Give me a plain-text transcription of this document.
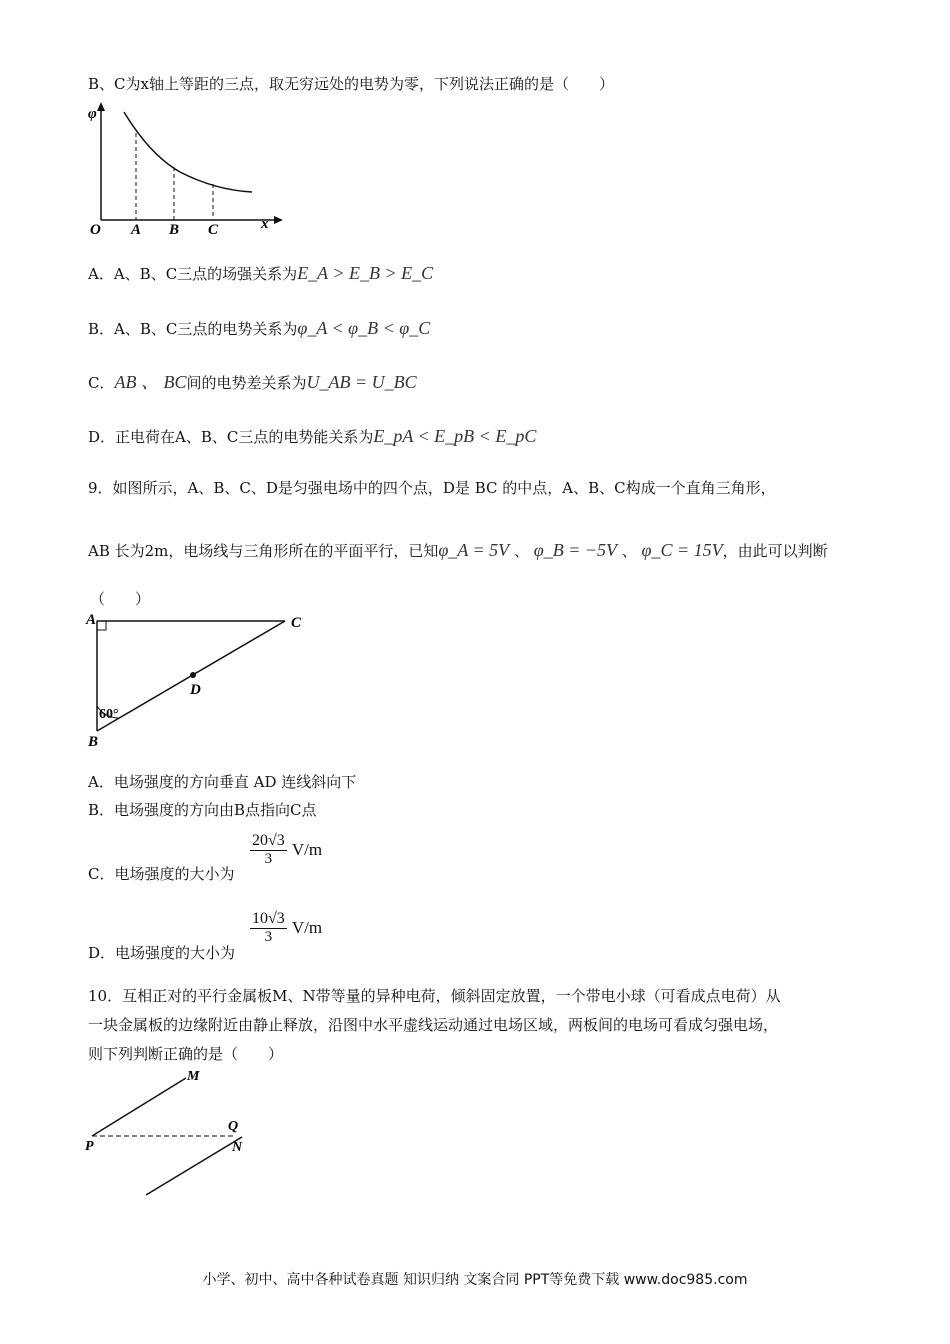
B、C为x轴上等距的三点，取无穷远处的电势为零，下列说法正确的是（　　）
φ
O A B C	x
A．A、B、C三点的场强关系为E_A > E_B > E_C
B．A、B、C三点的电势关系为φ_A < φ_B < φ_C
C．AB 、 BC间的电势差关系为U_AB = U_BC
D．正电荷在A、B、C三点的电势能关系为E_pA < E_pB < E_pC
9．如图所示，A、B、C、D是匀强电场中的四个点，D是 BC 的中点，A、B、C构成一个直角三角形，
AB 长为2m，电场线与三角形所在的平面平行，已知φ_A = 5V 、 φ_B = −5V 、 φ_C = 15V，由此可以判断
（　　）
A	C
D
B
60°
A．电场强度的方向垂直 AD 连线斜向下
B．电场强度的方向由B点指向C点
C．电场强度的大小为
$\frac{20√3}{3} V/m$
D．电场强度的大小为
$\frac{10√3}{3} V/m$
10．互相正对的平行金属板M、N带等量的异种电荷，倾斜固定放置，一个带电小球（可看成点电荷）从
一块金属板的边缘附近由静止释放，沿图中水平虚线运动通过电场区域，两板间的电场可看成匀强电场，
则下列判断正确的是（　　）
M
Q
P	N
小学、初中、高中各种试卷真题 知识归纳 文案合同 PPT等免费下载 www.doc985.com
